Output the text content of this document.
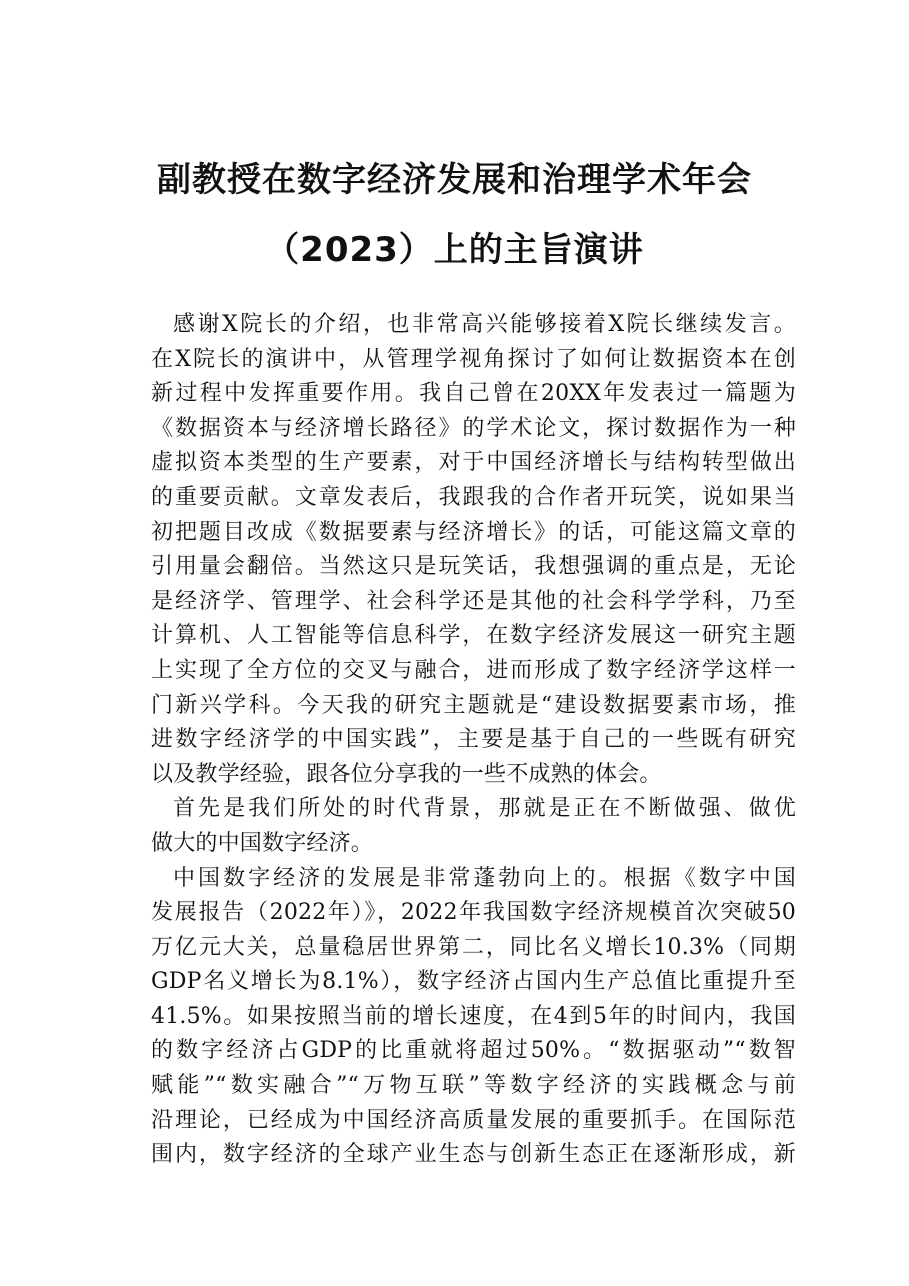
副教授在数字经济发展和治理学术年会
（2023）上的主旨演讲
感谢X院长的介绍，也非常高兴能够接着X院长继续发言。
在X院长的演讲中，从管理学视角探讨了如何让数据资本在创
新过程中发挥重要作用。我自己曾在20XX年发表过一篇题为
《数据资本与经济增长路径》的学术论文，探讨数据作为一种
虚拟资本类型的生产要素，对于中国经济增长与结构转型做出
的重要贡献。文章发表后，我跟我的合作者开玩笑，说如果当
初把题目改成《数据要素与经济增长》的话，可能这篇文章的
引用量会翻倍。当然这只是玩笑话，我想强调的重点是，无论
是经济学、管理学、社会科学还是其他的社会科学学科，乃至
计算机、人工智能等信息科学，在数字经济发展这一研究主题
上实现了全方位的交叉与融合，进而形成了数字经济学这样一
门新兴学科。今天我的研究主题就是“建设数据要素市场，推
进数字经济学的中国实践”，主要是基于自己的一些既有研究
以及教学经验，跟各位分享我的一些不成熟的体会。
首先是我们所处的时代背景，那就是正在不断做强、做优
做大的中国数字经济。
中国数字经济的发展是非常蓬勃向上的。根据《数字中国
发展报告（2022年）》，2022年我国数字经济规模首次突破50
万亿元大关，总量稳居世界第二，同比名义增长10.3%（同期
GDP名义增长为8.1%），数字经济占国内生产总值比重提升至
41.5%。如果按照当前的增长速度，在4到5年的时间内，我国
的数字经济占GDP的比重就将超过50%。“数据驱动”“数智
赋能”“数实融合”“万物互联”等数字经济的实践概念与前
沿理论，已经成为中国经济高质量发展的重要抓手。在国际范
围内，数字经济的全球产业生态与创新生态正在逐渐形成，新
